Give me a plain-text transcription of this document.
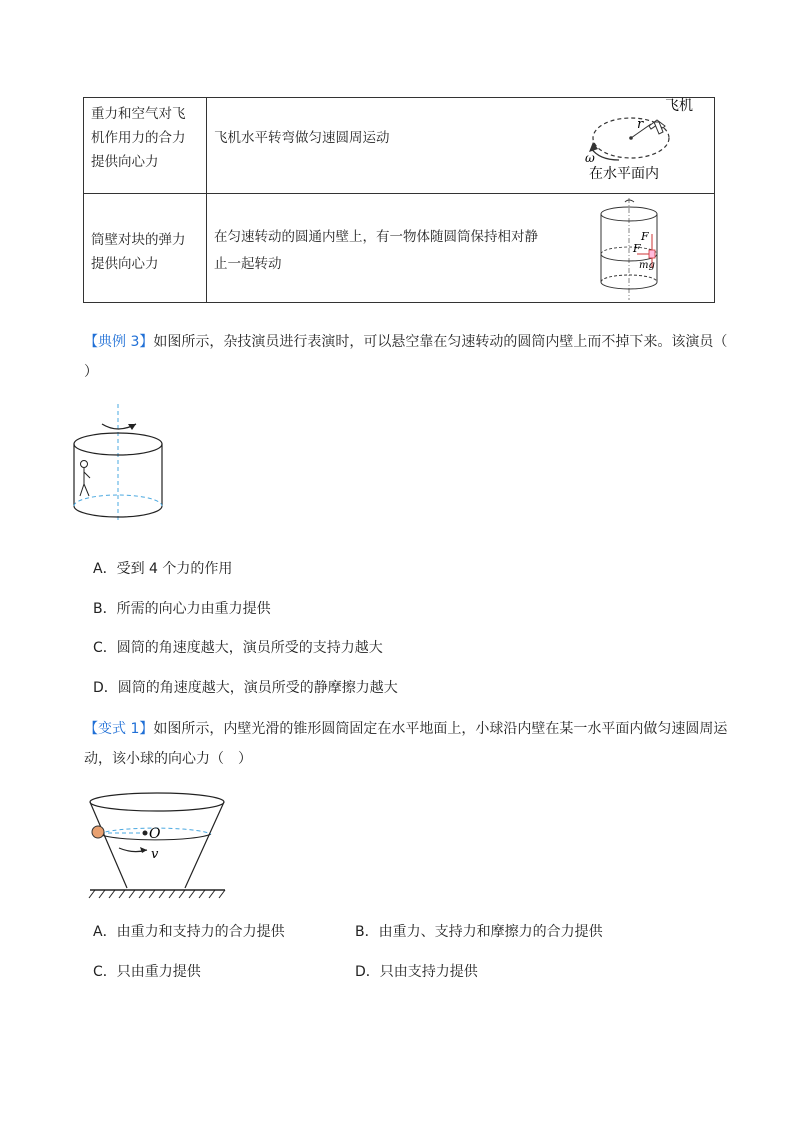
重力和空气对飞
机作用力的合力
提供向心力	飞机水平转弯做匀速圆周运动
r
ω
飞机
在水平面内

筒壁对块的弹力
提供向心力	在匀速转动的圆通内壁上，有一物体随圆筒保持相对静
止一起转动
F
F
mg
【典例 3】如图所示，杂技演员进行表演时，可以悬空靠在匀速转动的圆筒内壁上而不掉下来。该演员（
）
A．受到 4 个力的作用
B．所需的向心力由重力提供
C．圆筒的角速度越大，演员所受的支持力越大
D．圆筒的角速度越大，演员所受的静摩擦力越大
【变式 1】如图所示，内壁光滑的锥形圆筒固定在水平地面上，小球沿内壁在某一水平面内做匀速圆周运
动，该小球的向心力（　）
O
v
A．由重力和支持力的合力提供	B．由重力、支持力和摩擦力的合力提供
C．只由重力提供	D．只由支持力提供
